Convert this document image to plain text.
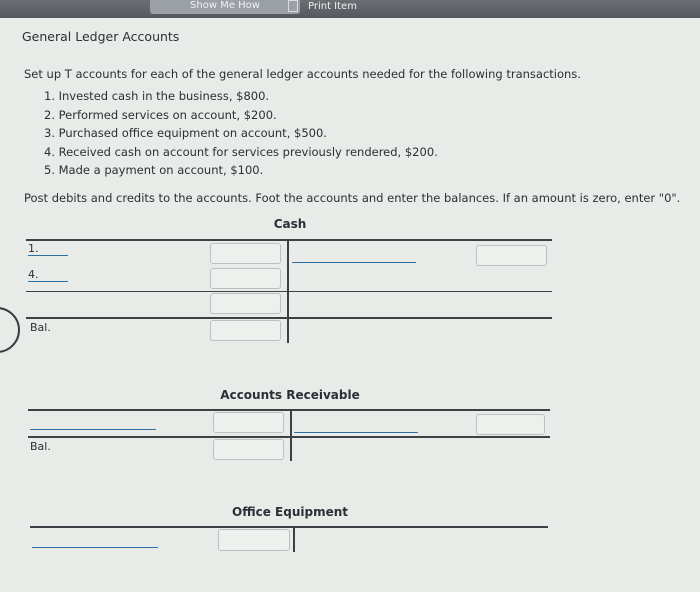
Show Me How	Print Item
General Ledger Accounts
Set up T accounts for each of the general ledger accounts needed for the following transactions.
1. Invested cash in the business, $800.
2. Performed services on account, $200.
3. Purchased office equipment on account, $500.
4. Received cash on account for services previously rendered, $200.
5. Made a payment on account, $100.
Post debits and credits to the accounts. Foot the accounts and enter the balances. If an amount is zero, enter "0".
Cash
1.
4.
Bal.
Accounts Receivable
Bal.
Office Equipment
